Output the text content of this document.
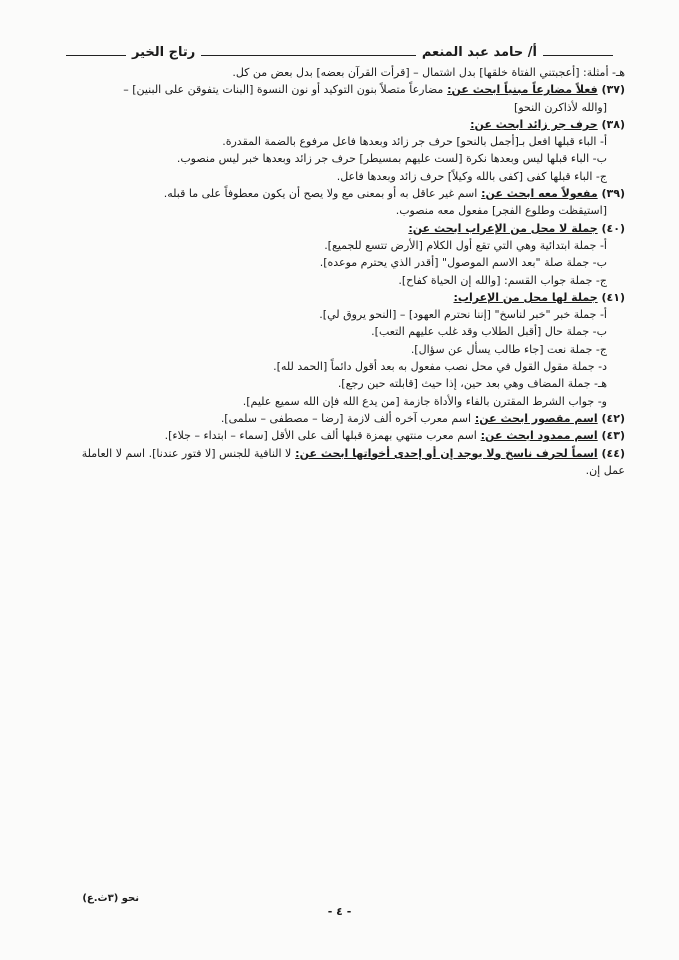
أ/ حامد عبد المنعم
رتاج الخير
هـ- أمثلة: [أعجبتني الفتاة خلقها] بدل اشتمال – [قرأت القرآن بعضه] بدل بعض من كل.
(٣٧) فعلاً مضارعاً مبنياً ابحث عن: مضارعاً متصلاً بنون التوكيد أو نون النسوة [البنات يتفوقن على البنين] –
[والله لأذاكرن النحو]
(٣٨) حرف جر زائد ابحث عن:
أ- الباء قبلها افعل بـ[أجمل بالنحو] حرف جر زائد وبعدها فاعل مرفوع بالضمة المقدرة.
ب- الباء قبلها ليس وبعدها نكرة [لست عليهم بمسيطر] حرف جر زائد وبعدها خبر ليس منصوب.
ج- الباء قبلها كفى [كفى بالله وكيلاً] حرف زائد وبعدها فاعل.
(٣٩) مفعولاً معه ابحث عن: اسم غير عاقل به أو بمعنى مع ولا يصح أن يكون معطوفاً على ما قبله.
[استيقظت وطلوع الفجر] مفعول معه منصوب.
(٤٠) جملة لا محل من الإعراب ابحث عن:
أ- جملة ابتدائية وهي التي تقع أول الكلام [الأرض تتسع للجميع].
ب- جملة صلة "بعد الاسم الموصول" [أقدر الذي يحترم موعده].
ج- جملة جواب القسم: [والله إن الحياة كفاح].
(٤١) جملة لها محل من الإعراب:
أ- جملة خبر "خبر لناسخ" [إننا نحترم العهود] – [النحو يروق لي].
ب- جملة حال [أقبل الطلاب وقد غلب عليهم التعب].
ج- جملة نعت [جاء طالب يسأل عن سؤال].
د- جملة مقول القول في محل نصب مفعول به بعد أقول دائماً [الحمد لله].
هـ- جملة المضاف وهي بعد حين، إذا حيث [قابلته حين رجع].
و- جواب الشرط المقترن بالفاء والأداة جازمة [من يدع الله فإن الله سميع عليم].
(٤٢) اسم مقصور ابحث عن: اسم معرب آخره ألف لازمة [رضا – مصطفى – سلمى].
(٤٣) اسم ممدود ابحث عن: اسم معرب منتهي بهمزة قبلها ألف على الأقل [سماء – ابتداء – جلاء].
(٤٤) اسماً لحرف ناسخ ولا يوجد إن أو إحدى أخواتها ابحث عن: لا النافية للجنس [لا فتور عندنا]. اسم لا العاملة
عمل إن.
نحو (٣ث.ع)
- ٤ -
